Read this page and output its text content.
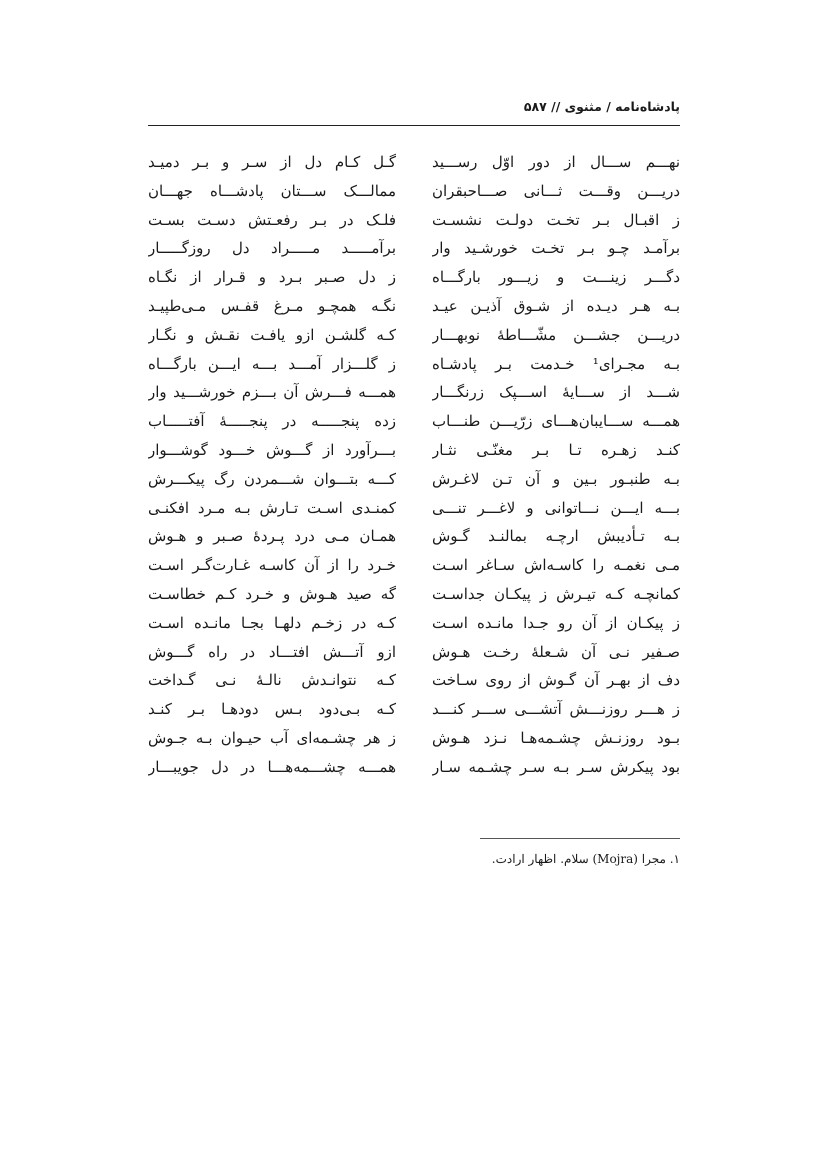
پادشاه‌نامه / مثنوی // ۵۸۷
نهـــم ســـال از دور اوّل رســـید
دریـــن وقـــت ثـــانی صـــاحبقران
ز اقبـال بـر تخـت دولـت نشسـت
برآمـد چـو بـر تخـت خورشـید وار
دگـــر زینـــت و زیـــور بارگـــاه
بـه هـر دیـده از شـوق آذیـن عیـد
دریـــن جشـــن مشّـــاطهٔ نوبهـــار
بـه مجـرای¹ خـدمت بـر پادشـاه
شـــد از ســـایهٔ اســـپک زرنگـــار
همـــه ســـایبان‌هـــای زرّیـــن طنـــاب
کنـد زهـره تـا بـر مغنّـی نثـار
بـه طنبـور بـین و آن تـن لاغـرش
بـــه ایـــن نـــاتوانی و لاغـــر تنـــی
بـه تـأدیبش ارچـه بمالنـد گـوش
مـی نغمـه را کاسـه‌اش سـاغر اسـت
کمانچـه کـه تیـرش ز پیکـان جداسـت
ز پیکـان از آن رو جـدا مانـده اسـت
صـفیر نـی آن شـعلهٔ رخـت هـوش
دف از بهـر آن گـوش از روی سـاخت
ز هـــر روزنـــش آتشـــی ســـر کنـــد
بـود روزنـش چشـمه‌هـا نـزد هـوش
بود پیکرش سـر بـه سـر چشـمه سـار
گـل کـام دل از سـر و بـر دمیـد
ممالـــک ســـتان پادشـــاه جهـــان
فلـک در بـر رفعـتش دسـت بسـت
برآمـــــد مـــــراد دل روزگـــــار
ز دل صـبر بـرد و قـرار از نگـاه
نگـه همچـو مـرغ قفـس مـی‌طپیـد
کـه گلشـن ازو یافـت نقـش و نگـار
ز گلـــزار آمـــد بـــه ایـــن بارگـــاه
همـــه فـــرش آن بـــزم خورشـــید وار
زده پنجـــــه در پنجـــــهٔ آفتـــــاب
بـــرآورد از گـــوش خـــود گوشـــوار
کـــه بتـــوان شـــمردن رگ پیکـــرش
کمنـدی اسـت تـارش بـه مـرد افکنـی
همـان مـی درد پـردهٔ صـبر و هـوش
خـرد را از آن کاسـه غـارت‌گـر اسـت
گه صید هـوش و خـرد کـم خطاسـت
کـه در زخـم دلهـا بجـا مانـده اسـت
ازو آتـــش افتـــاد در راه گـــوش
کـه نتوانـدش نالـهٔ نـی گـداخت
کـه بـی‌دود بـس دودهـا بـر کنـد
ز هر چشـمه‌ای آب حیـوان بـه جـوش
همـــه چشـــمه‌هـــا در دل جویبـــار
۱. مجرا (Mojra) سلام. اظهار ارادت.
